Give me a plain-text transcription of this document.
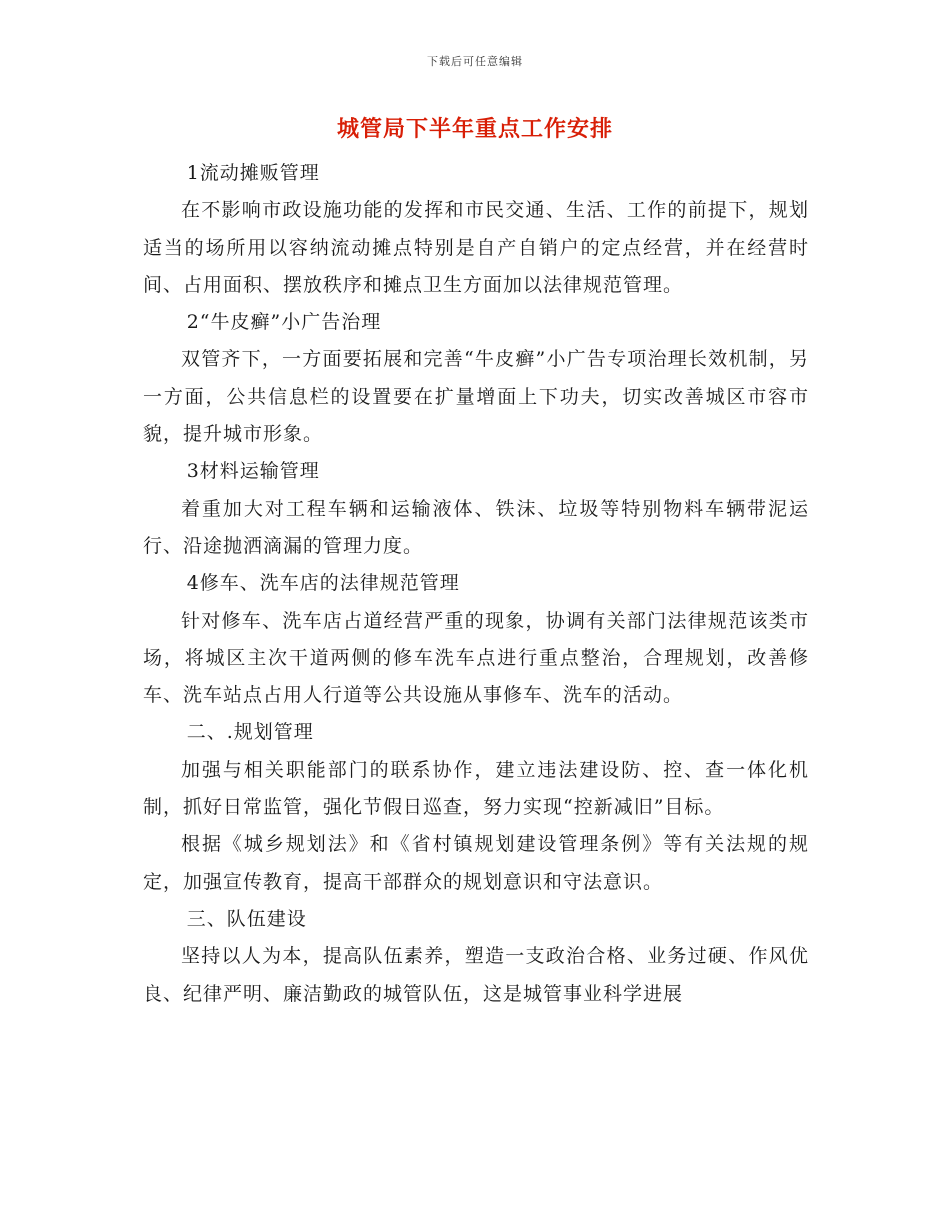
下载后可任意编辑
城管局下半年重点工作安排

1流动摊贩管理

在不影响市政设施功能的发挥和市民交通、生活、工作的前提下，规划适当的场所用以容纳流动摊点特别是自产自销户的定点经营，并在经营时间、占用面积、摆放秩序和摊点卫生方面加以法律规范管理。

2“牛皮癣”小广告治理

双管齐下，一方面要拓展和完善“牛皮癣”小广告专项治理长效机制，另一方面，公共信息栏的设置要在扩量增面上下功夫，切实改善城区市容市貌，提升城市形象。

3材料运输管理

着重加大对工程车辆和运输液体、铁沫、垃圾等特别物料车辆带泥运行、沿途抛洒滴漏的管理力度。

4修车、洗车店的法律规范管理

针对修车、洗车店占道经营严重的现象，协调有关部门法律规范该类市场，将城区主次干道两侧的修车洗车点进行重点整治，合理规划，改善修车、洗车站点占用人行道等公共设施从事修车、洗车的活动。

二、.规划管理

加强与相关职能部门的联系协作，建立违法建设防、控、查一体化机制，抓好日常监管，强化节假日巡查，努力实现“控新减旧”目标。

根据《城乡规划法》和《省村镇规划建设管理条例》等有关法规的规定，加强宣传教育，提高干部群众的规划意识和守法意识。

三、队伍建设

坚持以人为本，提高队伍素养，塑造一支政治合格、业务过硬、作风优良、纪律严明、廉洁勤政的城管队伍，这是城管事业科学进展
